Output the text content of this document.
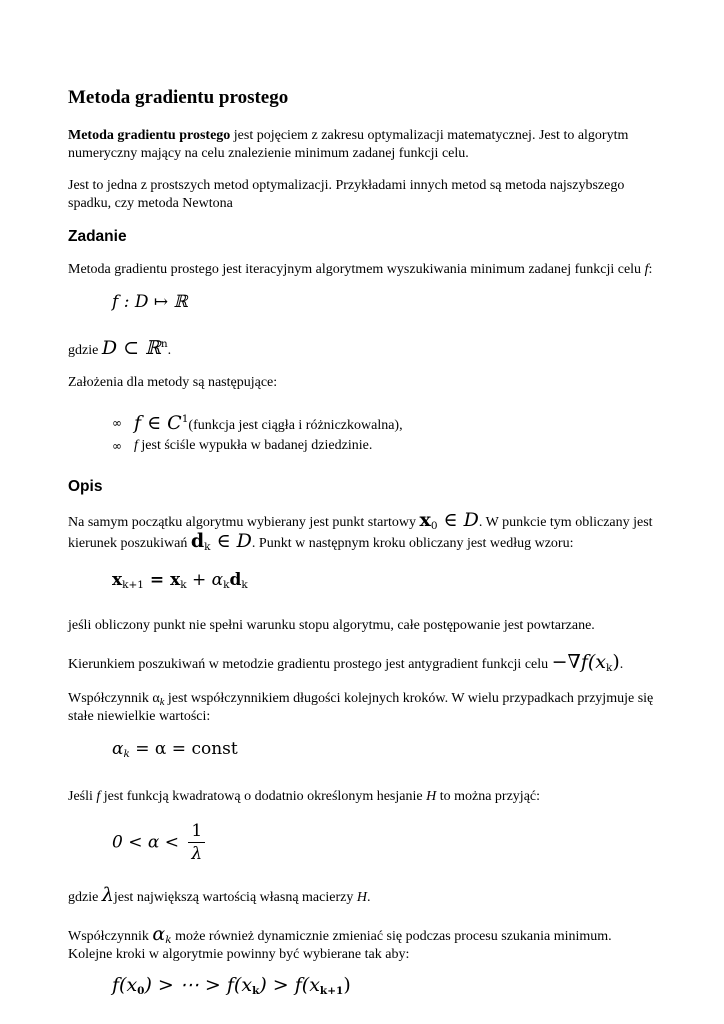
Metoda gradientu prostego

Metoda gradientu prostego jest pojęciem z zakresu optymalizacji matematycznej. Jest to algorytm numeryczny mający na celu znalezienie minimum zadanej funkcji celu.

Jest to jedna z prostszych metod optymalizacji. Przykładami innych metod są metoda najszybszego spadku, czy metoda Newtona

Zadanie

Metoda gradientu prostego jest iteracyjnym algorytmem wyszukiwania minimum zadanej funkcji celu f:

f : D ↦ ℝ

gdzie D ⊂ ℝ$^n$.

Założenia dla metody są następujące:

∞ f ∈ $C^1(funkcja$ jest ciągła i różniczkowalna),
∞ f jest ściśle wypukła w badanej dziedzinie.
Opis

Na samym początku algorytmu wybierany jest punkt startowy $x_0$ ∈ D. W punkcie tym obliczany jest kierunek poszukiwań $d_k$ ∈ D. Punkt w następnym kroku obliczany jest według wzoru:

$x_{k+1} = x_k + \alpha_kd_k$

jeśli obliczony punkt nie spełni warunku stopu algorytmu, całe postępowanie jest powtarzane.

Kierunkiem poszukiwań w metodzie gradientu prostego jest antygradient funkcji celu $-\nabla f(x_k)$.

Współczynnik $\alpha_k$ jest współczynnikiem długości kolejnych kroków. W wielu przypadkach przyjmuje się stałe niewielkie wartości:

$\alpha_k = \alpha$ = const

Jeśli f jest funkcją kwadratową o dodatnio określonym hesjanie H to można przyjąć:

$0 < \alpha < \frac{1}{\lambda}$

gdzie λjest największą wartością własną macierzy H.

Współczynnik $\alpha_k$ może również dynamicznie zmieniać się podczas procesu szukania minimum. Kolejne kroki w algorytmie powinny być wybierane tak aby:

$f(x_0)$ > ⋯ > $f(x_k) > f(x_{k+1})$
